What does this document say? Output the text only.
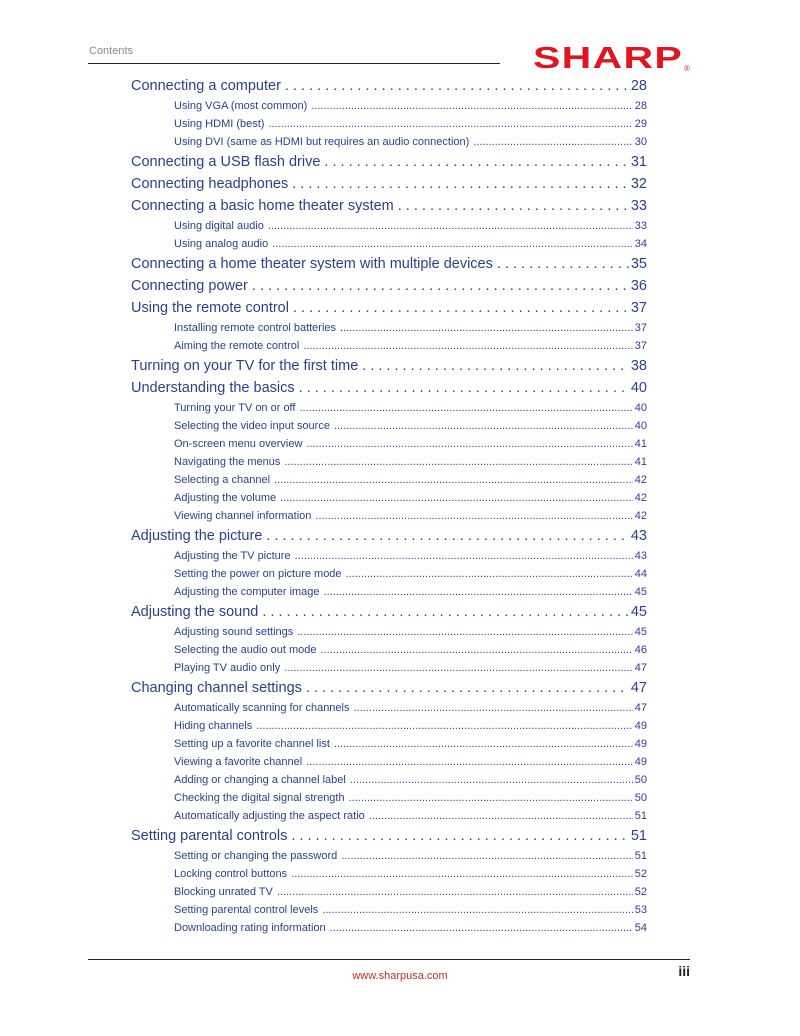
Contents	SHARP ®
Connecting a computer . . .	28
Using VGA (most common) .....	28
Using HDMI (best) .....	29
Using DVI (same as HDMI but requires an audio connection) .....	30
Connecting a USB flash drive . . .	31
Connecting headphones . . .	32
Connecting a basic home theater system . . .	33
Using digital audio .....	33
Using analog audio .....	34
Connecting a home theater system with multiple devices . . .	35
Connecting power . . .	36
Using the remote control . . .	37
Installing remote control batteries .....	37
Aiming the remote control .....	37
Turning on your TV for the first time . . .	38
Understanding the basics . . .	40
Turning your TV on or off .....	40
Selecting the video input source .....	40
On-screen menu overview .....	41
Navigating the menus .....	41
Selecting a channel .....	42
Adjusting the volume .....	42
Viewing channel information .....	42
Adjusting the picture . . .	43
Adjusting the TV picture .....	43
Setting the power on picture mode .....	44
Adjusting the computer image .....	45
Adjusting the sound . . .	45
Adjusting sound settings .....	45
Selecting the audio out mode .....	46
Playing TV audio only .....	47
Changing channel settings . . .	47
Automatically scanning for channels .....	47
Hiding channels .....	49
Setting up a favorite channel list .....	49
Viewing a favorite channel .....	49
Adding or changing a channel label .....	50
Checking the digital signal strength .....	50
Automatically adjusting the aspect ratio .....	51
Setting parental controls . . .	51
Setting or changing the password .....	51
Locking control buttons .....	52
Blocking unrated TV .....	52
Setting parental control levels .....	53
Downloading rating information .....	54
www.sharpusa.com	iii
